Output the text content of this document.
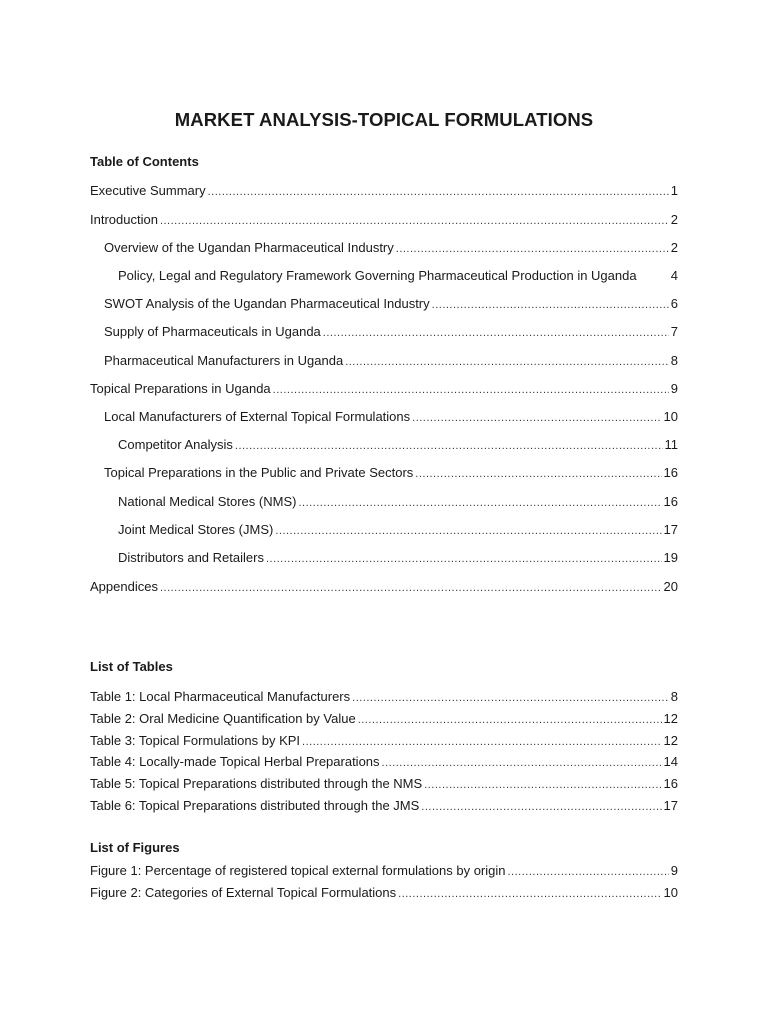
MARKET ANALYSIS-TOPICAL FORMULATIONS
Table of Contents
Executive Summary .....	1
Introduction .....	2
Overview of the Ugandan Pharmaceutical Industry .....	2
Policy, Legal and Regulatory Framework Governing Pharmaceutical Production in Uganda	4
SWOT Analysis of the Ugandan Pharmaceutical Industry .....	6
Supply of Pharmaceuticals in Uganda .....	7
Pharmaceutical Manufacturers in Uganda .....	8
Topical Preparations in Uganda .....	9
Local Manufacturers of External Topical Formulations .....	10
Competitor Analysis .....	11
Topical Preparations in the Public and Private Sectors .....	16
National Medical Stores (NMS) .....	16
Joint Medical Stores (JMS) .....	17
Distributors and Retailers .....	19
Appendices .....	20
List of Tables
Table 1: Local Pharmaceutical Manufacturers .....	8
Table 2: Oral Medicine Quantification by Value .....	12
Table 3: Topical Formulations by KPI .....	12
Table 4: Locally-made Topical Herbal Preparations .....	14
Table 5: Topical Preparations distributed through the NMS .....	16
Table 6: Topical Preparations distributed through the JMS .....	17
List of Figures
Figure 1: Percentage of registered topical external formulations by origin .....	9
Figure 2: Categories of External Topical Formulations .....	10
